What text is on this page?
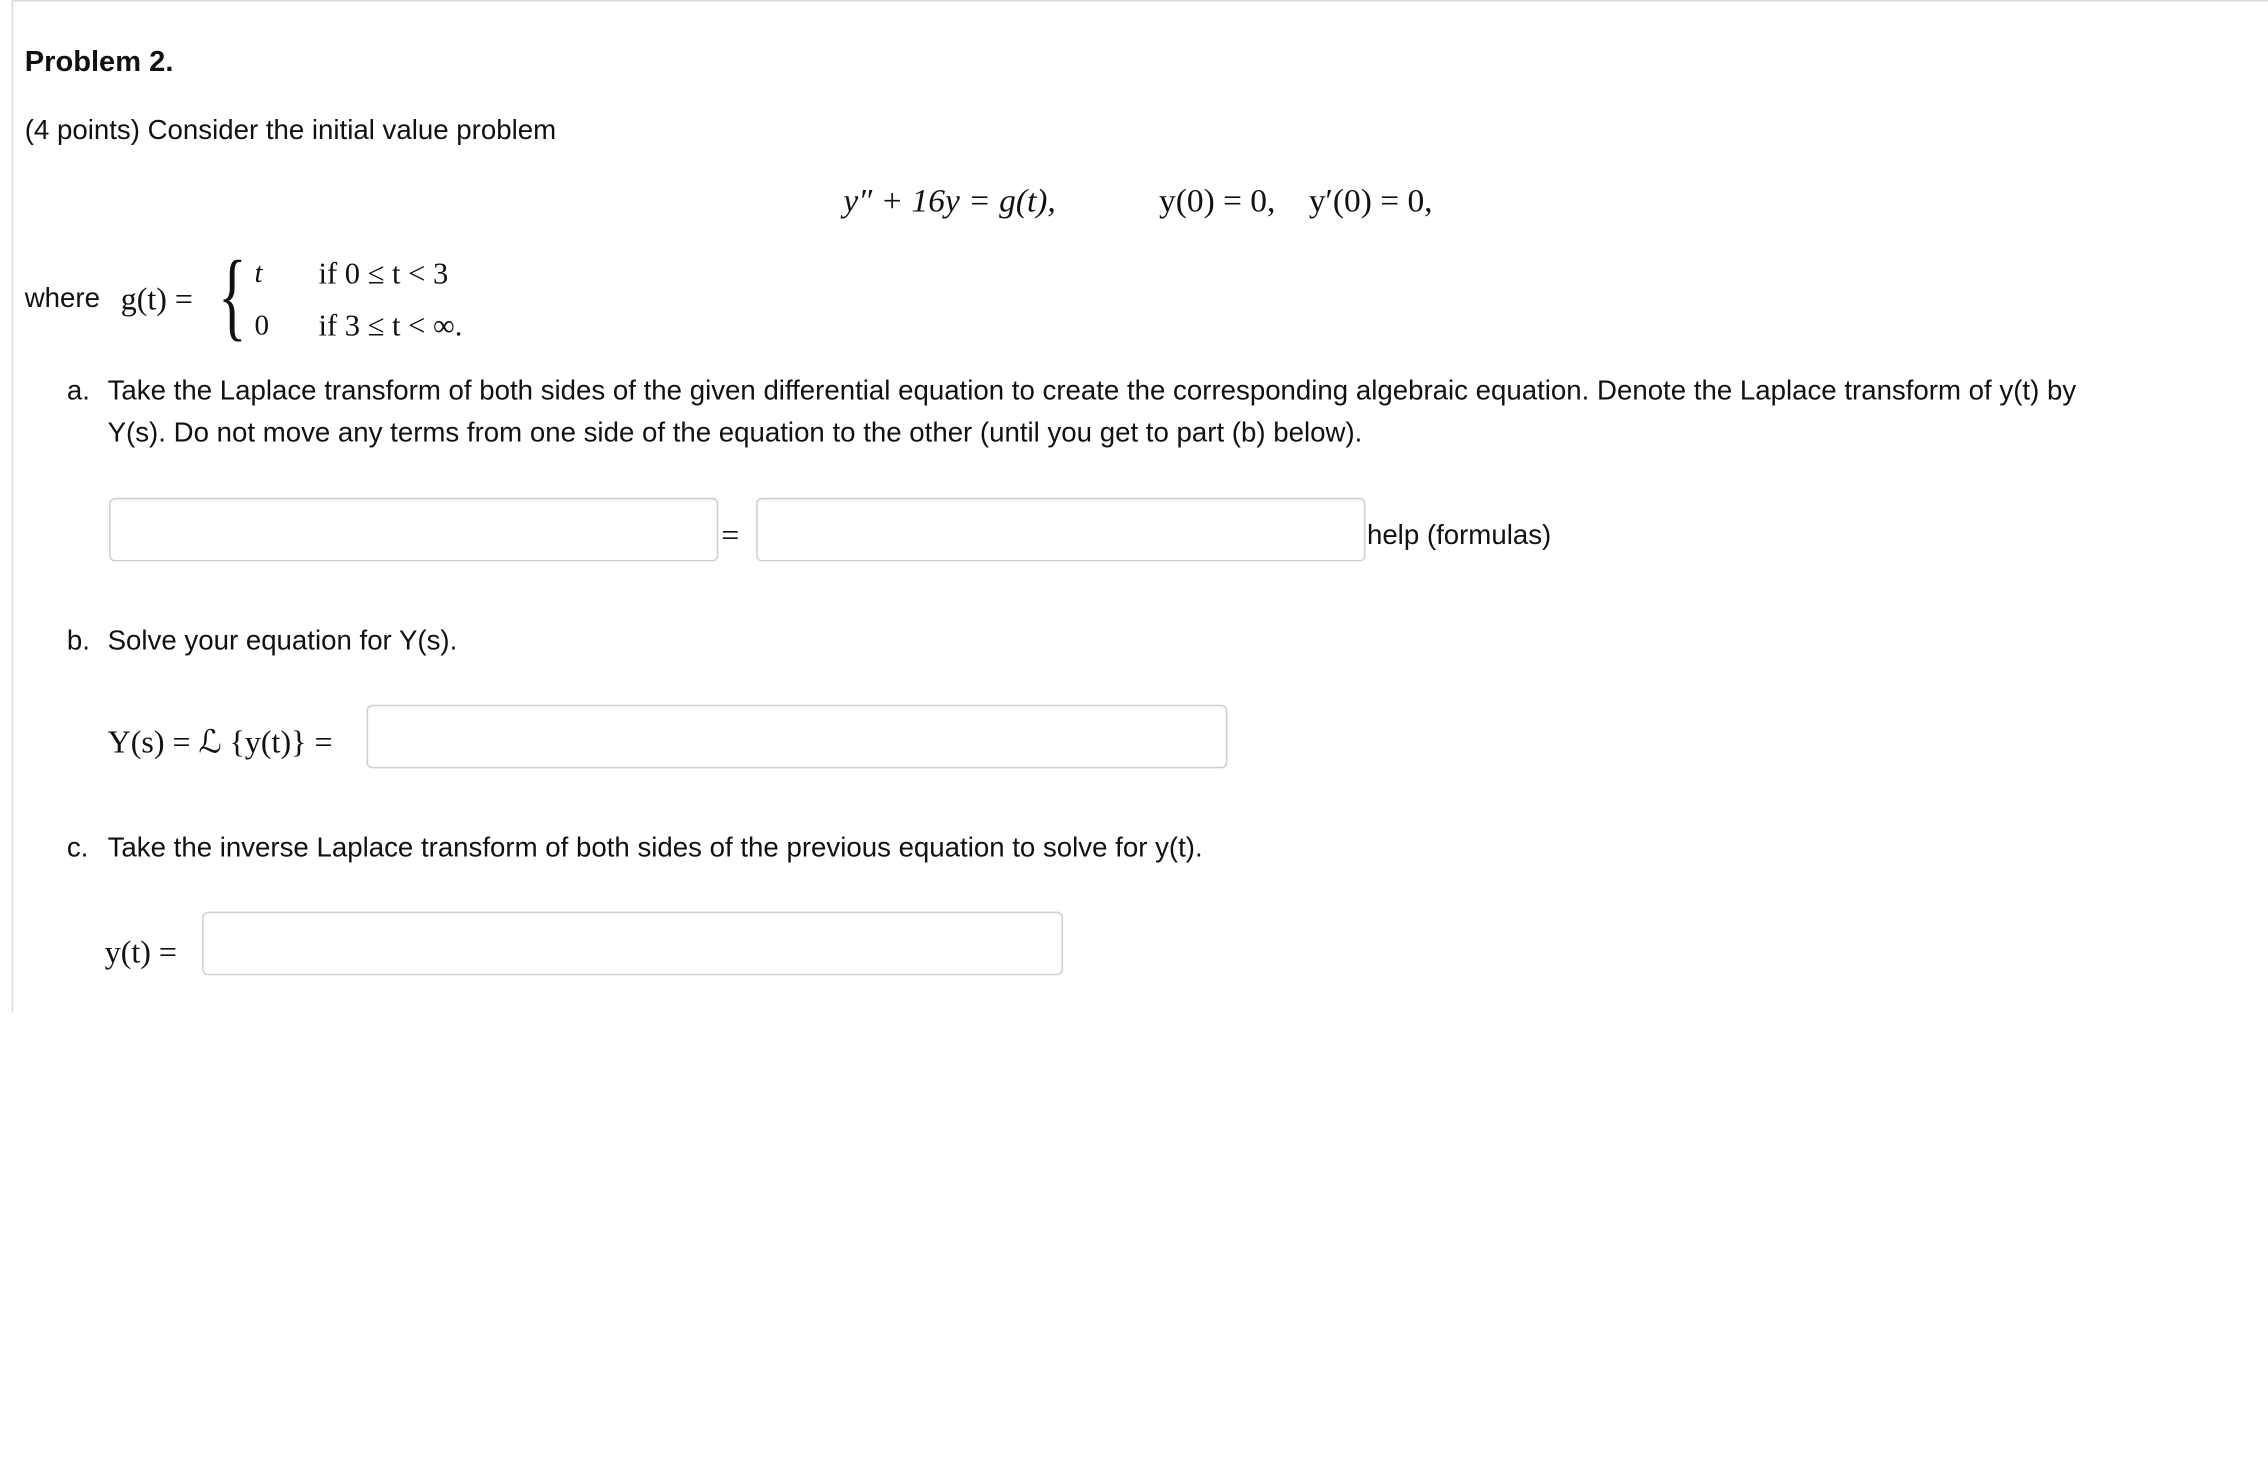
Problem 2.
(4 points) Consider the initial value problem
y″ + 16y = g(t),	y(0) = 0,    y′(0) = 0,
where g(t) = { t	if 0 ≤ t < 3
0 if 3 ≤ t < ∞.
a. Take the Laplace transform of both sides of the given differential equation to create the corresponding algebraic equation. Denote the Laplace transform of y(t) by
Y(s). Do not move any terms from one side of the equation to the other (until you get to part (b) below).
=	help (formulas)
b. Solve your equation for Y(s).
Y(s) = ℒ {y(t)} =
c. Take the inverse Laplace transform of both sides of the previous equation to solve for y(t).
y(t) =
